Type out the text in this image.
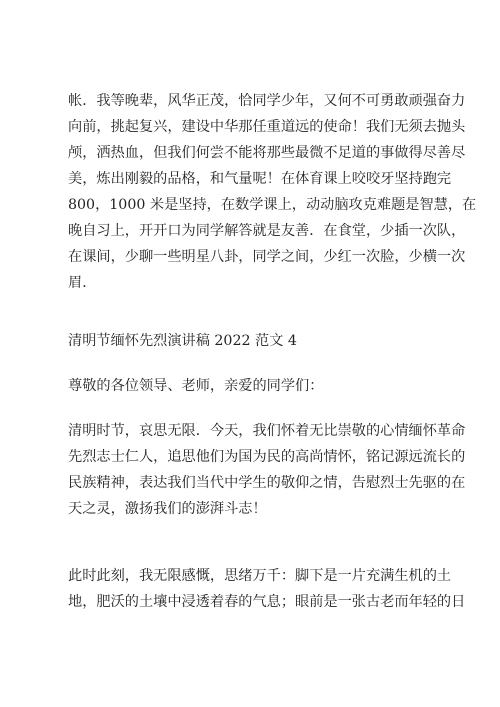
帐．我等晚辈，风华正茂，恰同学少年，又何不可勇敢顽强奋力
向前，挑起复兴，建设中华那任重道远的使命！我们无须去抛头
颅，洒热血，但我们何尝不能将那些最微不足道的事做得尽善尽
美，炼出刚毅的品格，和气量呢！在体育课上咬咬牙坚持跑完
800，1000 米是坚持，在数学课上，动动脑攻克难题是智慧，在
晚自习上，开开口为同学解答就是友善．在食堂，少插一次队，
在课间，少聊一些明星八卦，同学之间，少红一次脸，少横一次
眉．
清明节缅怀先烈演讲稿 2022 范文 4
尊敬的各位领导、老师，亲爱的同学们：
清明时节，哀思无限．今天，我们怀着无比崇敬的心情缅怀革命
先烈志士仁人，追思他们为国为民的高尚情怀，铭记源远流长的
民族精神，表达我们当代中学生的敬仰之情，告慰烈士先驱的在
天之灵，激扬我们的澎湃斗志！
此时此刻，我无限感慨，思绪万千：脚下是一片充满生机的土
地，肥沃的土壤中浸透着春的气息；眼前是一张古老而年轻的日
